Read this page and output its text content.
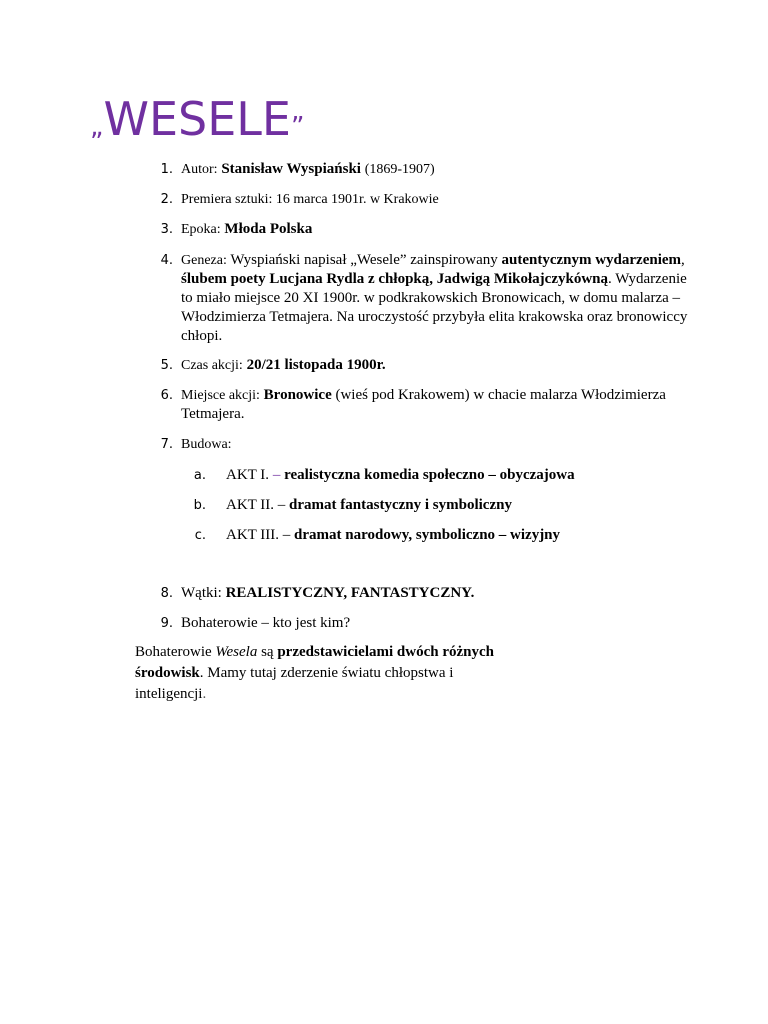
„WESELE”
1. Autor: Stanisław Wyspiański (1869-1907)
2. Premiera sztuki: 16 marca 1901r. w Krakowie
3. Epoka: Młoda Polska
4. Geneza: Wyspiański napisał „Wesele” zainspirowany autentycznym wydarzeniem, ślubem poety Lucjana Rydla z chłopką, Jadwigą Mikołajczykówną. Wydarzenie to miało miejsce 20 XI 1900r. w podkrakowskich Bronowicach, w domu malarza – Włodzimierza Tetmajera. Na uroczystość przybyła elita krakowska oraz bronowiccy chłopi.
5. Czas akcji: 20/21 listopada 1900r.
6. Miejsce akcji: Bronowice (wieś pod Krakowem) w chacie malarza Włodzimierza Tetmajera.
7. Budowa:
a. AKT I. – realistyczna komedia społeczno – obyczajowa
b. AKT II. – dramat fantastyczny i symboliczny
c. AKT III. – dramat narodowy, symboliczno – wizyjny
8. Wątki: REALISTYCZNY, FANTASTYCZNY.
9. Bohaterowie – kto jest kim?
Bohaterowie Wesela są przedstawicielami dwóch różnych środowisk. Mamy tutaj zderzenie światu chłopstwa i inteligencji.
